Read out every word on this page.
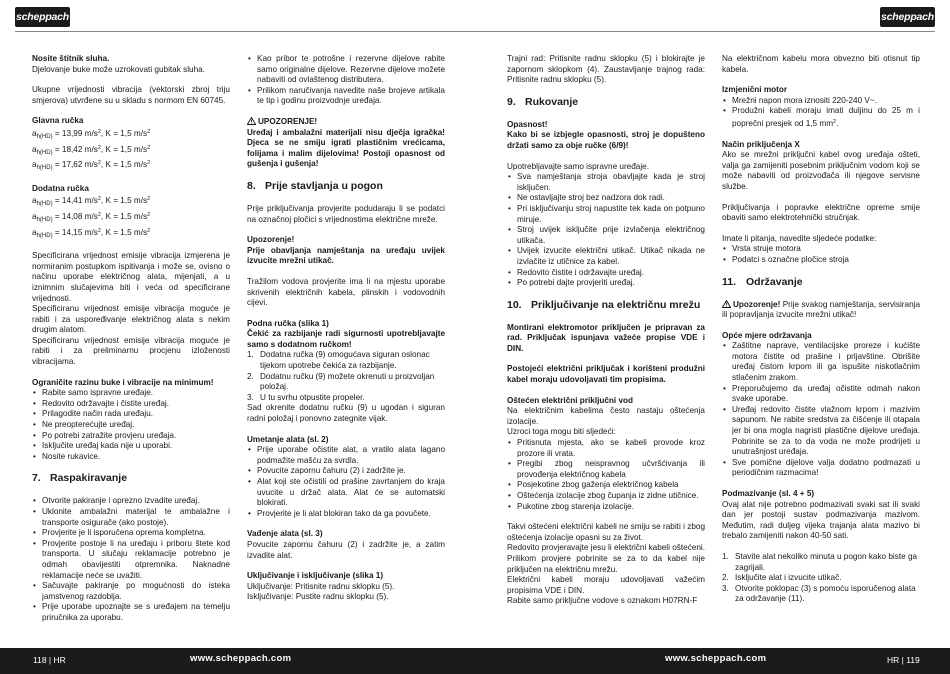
scheppach	scheppach

Nosite štitnik sluha.
Djelovanje buke može uzrokovati gubitak sluha.

Ukupne vrijednosti vibracija (vektorski zbroj triju smjerova) utvrđene su u skladu s normom EN 60745.

Glavna ručka

$a_{h(HD)} = 13,99$ $m/s^2$, K = 1,5 $m/s^2$
$a_{h(HD)} = 18,42$ $m/s^2$, K = 1,5 $m/s^2$
$a_{h(HD)} = 17,62$ $m/s^2$, K = 1,5 $m/s^2$

Dodatna ručka

$a_{h(HD)} = 14,41$ $m/s^2$, K = 1,5 $m/s^2$
$a_{h(HD)} = 14,08$ $m/s^2$, K = 1,5 $m/s^2$
$a_{h(HD)} = 14,15$ $m/s^2$, K = 1,5 $m/s^2$

Specificirana vrijednost emisije vibracija izmjerena je normiranim postupkom ispitivanja i može se, ovisno o načinu uporabe električnog alata, mijenjati, a u iznimnim slučajevima biti i veća od specificirane vrijednosti.

Specificiranu vrijednost emisije vibracija moguće je rabiti i za uspoređivanje električnog alata s nekim drugim alatom.

Specificiranu vrijednost emisije vibracija moguće je rabiti i za preliminarnu procjenu izloženosti vibracijama.

Ograničite razinu buke i vibracije na minimum!

• Rabite samo ispravne uređaje.
• Redovito održavajte i čistite uređaj.
• Prilagodite način rada uređaju.
• Ne preopterećujte uređaj.
• Po potrebi zatražite provjeru uređaja.
• Isključite uređaj kada nije u uporabi.
• Nosite rukavice.
7. Raspakiravanje
• Otvorite pakiranje i oprezno izvadite uređaj.
• Uklonite ambalažni materijal te ambalažne i transporte osigurače (ako postoje).
• Provjerite je li isporučena oprema kompletna.
• Provjerite postoje li na uređaju i priboru štete kod transporta. U slučaju reklamacije potrebno je odmah obavijestiti otpremnika. Naknadne reklamacije neće se uvažiti.
• Sačuvajte pakiranje po mogućnosti do isteka jamstvenog razdoblja.
• Prije uporabe upoznajte se s uređajem na temelju priručnika za uporabu.
• Kao pribor te potrošne i rezervne dijelove rabite samo originalne dijelove. Rezervne dijelove možete nabaviti od ovlaštenog distributera.
• Prilikom naručivanja navedite naše brojeve artikala te tip i godinu proizvodnje uređaja.

UPOZORENJE!

Uređaj i ambalažni materijali nisu dječja igračka! Djeca se ne smiju igrati plastičnim vrećicama, folijama i malim dijelovima! Postoji opasnost od gušenja i gušenja!

8. Prije stavljanja u pogon

Prije priključivanja provjerite podudaraju li se podatci na označnoj pločici s vrijednostima električne mreže.

Upozorenje!

Prije obavljanja namještanja na uređaju uvijek izvucite mrežni utikač.

Tražilom vodova provjerite ima li na mjestu uporabe skrivenih električnih kabela, plinskih i vodovodnih cijevi.

Podna ručka (slika 1)

Čekić za razbijanje radi sigurnosti upotrebljavajte samo s dodatnom ručkom!

1. Dodatna ručka (9) omogućava siguran oslonac tijekom upotrebe čekića za razbijanje.
2. Dodatnu ručku (9) možete okrenuti u proizvoljan položaj.
3. U tu svrhu otpustite propeler.

Sad okrenite dodatnu ručku (9) u ugodan i siguran radni položaj i ponovno zategnite vijak.

Umetanje alata (sl. 2)

• Prije uporabe očistite alat, a vratilo alata lagano podmažite mašću za svrdla.
• Povucite zapornu čahuru (2) i zadržite je.
• Alat koji ste očistili od prašine zavrtanjem do kraja uvucite u držač alata. Alat će se automatski blokirati.
• Provjerite je li alat blokiran tako da ga povučete.

Vađenje alata (sl. 3)

Povucite zapornu čahuru (2) i zadržite je, a zatim izvadite alat.

Uključivanje i isključivanje (slika 1)

Uključivanje: Pritisnite radnu sklopku (5).
Isključivanje: Pustite radnu sklopku (5).

Trajni rad: Pritisnite radnu sklopku (5) i blokirajte je zapornom sklopkom (4). Zaustavljanje trajnog rada: Pritisnite radnu sklopku (5).

9. Rukovanje

Opasnost!

Kako bi se izbjegle opasnosti, stroj je dopušteno držati samo za obje ručke (6/9)!

Upotrebljavajte samo ispravne uređaje.

• Sva namještanja stroja obavljajte kada je stroj isključen.
• Ne ostavljajte stroj bez nadzora dok radi.
• Pri isključivanju stroj napustite tek kada on potpuno miruje.
• Stroj uvijek isključite prije izvlačenja električnog utikača.
• Uvijek izvucite električni utikač. Utikač nikada ne izvlačite iz utičnice za kabel.
• Redovito čistite i održavajte uređaj.
• Po potrebi dajte provjeriti uređaj.
10. Priključivanje na električnu mrežu

Montirani elektromotor priključen je pripravan za rad. Priključak ispunjava važeće propise VDE i DIN.

Postojeći električni priključak i korišteni produžni kabel moraju udovoljavati tim propisima.

Oštećen električni priključni vod

Na električnim kabelima često nastaju oštećenja izolacije.

Uzroci toga mogu biti sljedeći:

• Pritisnuta mjesta, ako se kabeli provode kroz prozore ili vrata.
• Pregibi zbog neispravnog učvršćivanja ili provođenja električnog kabela
• Posjekotine zbog gaženja električnog kabela
• Oštećenja izolacije zbog čupanja iz zidne utičnice.
• Pukotine zbog starenja izolacije.

Takvi oštećeni električni kabeli ne smiju se rabiti i zbog oštećenja izolacije opasni su za život.

Redovito provjeravajte jesu li električni kabeli oštećeni. Prilikom provjere pobrinite se za to da kabel nije priključen na električnu mrežu.

Električni kabeli moraju udovoljavati važećim propisima VDE i DIN.

Rabite samo priključne vodove s oznakom H07RN-F

Na električnom kabelu mora obvezno biti otisnut tip kabela.

Izmjenični motor

• Mrežni napon mora iznositi 220-240 V~.
• Produžni kabeli moraju imati duljinu do 25 m i poprečni presjek od 1,5 $mm^2$.

Način priključenja X

Ako se mrežni priključni kabel ovog uređaja ošteti, valja ga zamijeniti posebnim priključnim vodom koji se može nabaviti od proizvođača ili njegove servisne službe.

Priključivanja i popravke električne opreme smije obaviti samo elektrotehnički stručnjak.

Imate li pitanja, navedite sljedeće podatke:

• Vrsta struje motora
• Podatci s označne pločice stroja
11. Održavanje

Upozorenje! Prije svakog namještanja, servisiranja ili popravljanja izvucite mrežni utikač!

Opće mjere održavanja

• Zaštitne naprave, ventilacijske proreze i kućište motora čistite od prašine i prljavštine. Obrišite uređaj čistom krpom ili ga ispušite niskotlačnim stlačenim zrakom.
• Preporučujemo da uređaj očistite odmah nakon svake uporabe.
• Uređaj redovito čistite vlažnom krpom i mazivim sapunom. Ne rabite sredstva za čišćenje ili otapala jer bi ona mogla nagristi plastične dijelove uređaja. Pobrinite se za to da voda ne može prodrijeti u unutrašnjost uređaja.
• Sve pomične dijelove valja dodatno podmazati u periodičnim razmacima!

Podmazivanje (sl. 4 + 5)

Ovaj alat nije potrebno podmazivati svaki sat ili svaki dan jer postoji sustav podmazivanja mazivom. Međutim, radi duljeg vijeka trajanja alata mazivo bi trebalo zamijeniti nakon 40-50 sati.

1. Stavite alat nekoliko minuta u pogon kako biste ga zagrijali.
2. Isključite alat i izvucite utikač.
3. Otvorite poklopac (3) s pomoću isporučenog alata za održavanje (11).
118 | HR	www.scheppach.com	www.scheppach.com	HR | 119
